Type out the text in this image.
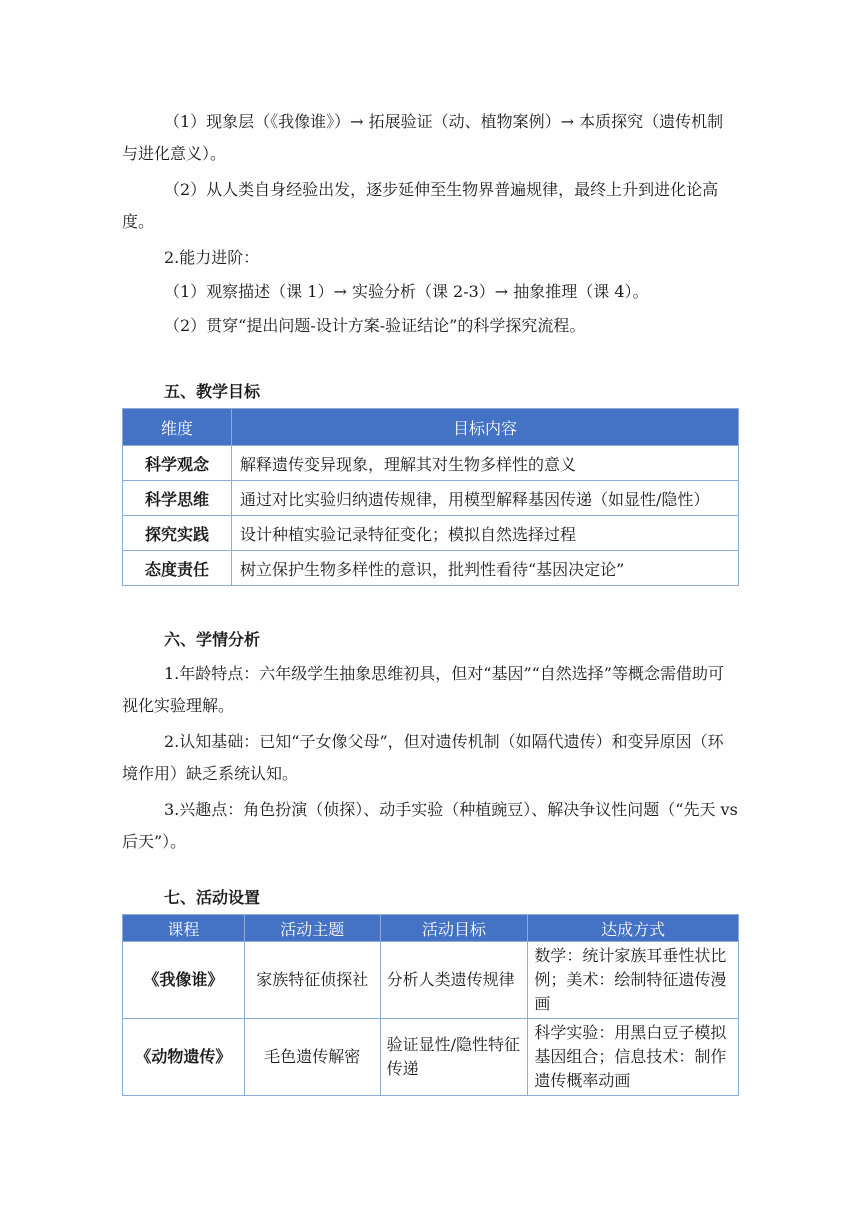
（1）现象层（《我像谁》）→ 拓展验证（动、植物案例）→ 本质探究（遗传机制与进化意义）。

（2）从人类自身经验出发，逐步延伸至生物界普遍规律，最终上升到进化论高度。

2.能力进阶：

（1）观察描述（课 1）→ 实验分析（课 2-3）→ 抽象推理（课 4）。

（2）贯穿“提出问题-设计方案-验证结论”的科学探究流程。

五、教学目标
维度	目标内容
科学观念	解释遗传变异现象，理解其对生物多样性的意义
科学思维	通过对比实验归纳遗传规律，用模型解释基因传递（如显性/隐性）
探究实践	设计种植实验记录特征变化；模拟自然选择过程
态度责任	树立保护生物多样性的意识，批判性看待“基因决定论”
六、学情分析

1.年龄特点：六年级学生抽象思维初具，但对“基因”“自然选择”等概念需借助可视化实验理解。

2.认知基础：已知“子女像父母”，但对遗传机制（如隔代遗传）和变异原因（环境作用）缺乏系统认知。

3.兴趣点：角色扮演（侦探）、动手实验（种植豌豆）、解决争议性问题（“先天 vs 后天”）。

七、活动设置
课程	活动主题	活动目标	达成方式
《我像谁》	家族特征侦探社	分析人类遗传规律	数学：统计家族耳垂性状比例；美术：绘制特征遗传漫画
《动物遗传》	毛色遗传解密	验证显性/隐性特征传递	科学实验：用黑白豆子模拟基因组合；信息技术：制作遗传概率动画
